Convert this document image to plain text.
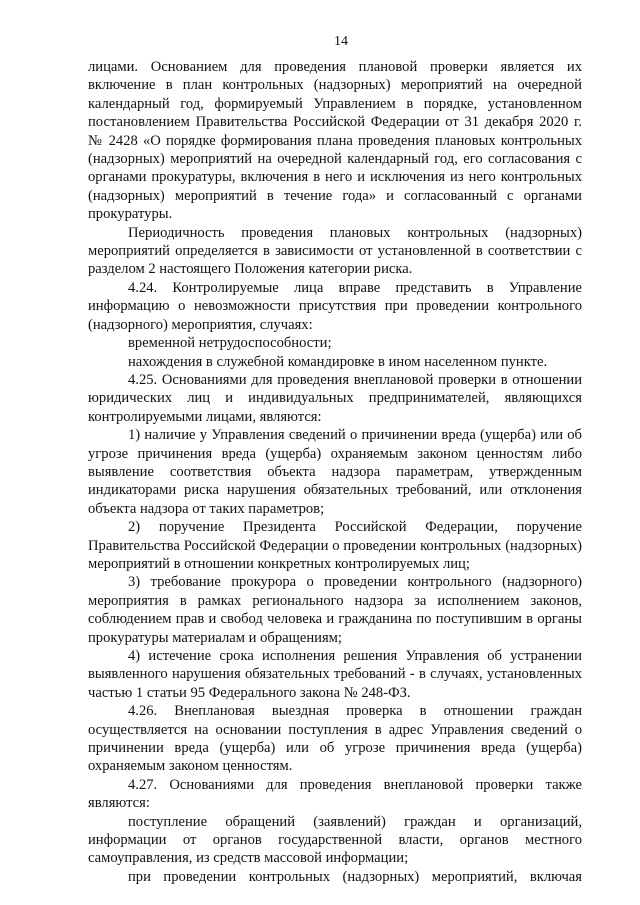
14

лицами. Основанием для проведения плановой проверки является их включение в план контрольных (надзорных) мероприятий на очередной календарный год, формируемый Управлением в порядке, установленном постановлением Правительства Российской Федерации от 31 декабря 2020 г. № 2428 «О порядке формирования плана проведения плановых контрольных (надзорных) мероприятий на очередной календарный год, его согласования с органами прокуратуры, включения в него и исключения из него контрольных (надзорных) мероприятий в течение года» и согласованный с органами прокуратуры.

Периодичность проведения плановых контрольных (надзорных) мероприятий определяется в зависимости от установленной в соответствии с разделом 2 настоящего Положения категории риска.

4.24. Контролируемые лица вправе представить в Управление информацию о невозможности присутствия при проведении контрольного (надзорного) мероприятия, случаях:

временной нетрудоспособности;

нахождения в служебной командировке в ином населенном пункте.

4.25. Основаниями для проведения внеплановой проверки в отношении юридических лиц и индивидуальных предпринимателей, являющихся контролируемыми лицами, являются:

1) наличие у Управления сведений о причинении вреда (ущерба) или об угрозе причинения вреда (ущерба) охраняемым законом ценностям либо выявление соответствия объекта надзора параметрам, утвержденным индикаторами риска нарушения обязательных требований, или отклонения объекта надзора от таких параметров;

2) поручение Президента Российской Федерации, поручение Правительства Российской Федерации о проведении контрольных (надзорных) мероприятий в отношении конкретных контролируемых лиц;

3) требование прокурора о проведении контрольного (надзорного) мероприятия в рамках регионального надзора за исполнением законов, соблюдением прав и свобод человека и гражданина по поступившим в органы прокуратуры материалам и обращениям;

4) истечение срока исполнения решения Управления об устранении выявленного нарушения обязательных требований - в случаях, установленных частью 1 статьи 95 Федерального закона № 248-ФЗ.

4.26. Внеплановая выездная проверка в отношении граждан осуществляется на основании поступления в адрес Управления сведений о причинении вреда (ущерба) или об угрозе причинения вреда (ущерба) охраняемым законом ценностям.

4.27. Основаниями для проведения внеплановой проверки также являются:

поступление обращений (заявлений) граждан и организаций, информации от органов государственной власти, органов местного самоуправления, из средств массовой информации;

при проведении контрольных (надзорных) мероприятий, включая
